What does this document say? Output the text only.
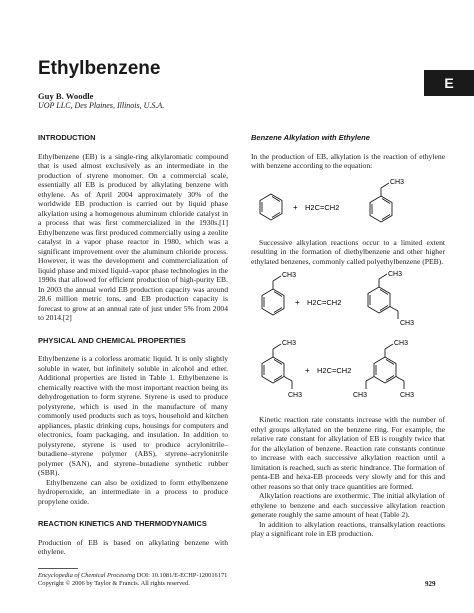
Ethylbenzene
E
Guy B. Woodle
UOP LLC, Des Plaines, Illinois, U.S.A.
INTRODUCTION

Ethylbenzene (EB) is a single-ring alkylaromatic compound that is used almost exclusively as an intermediate in the production of styrene monomer. On a commercial scale, essentially all EB is produced by alkylating benzene with ethylene. As of April 2004 approximately 30% of the worldwide EB production is carried out by liquid phase alkylation using a homogenous aluminum chloride catalyst in a process that was first commercialized in the 1930s.[1] Ethylbenzene was first produced commercially using a zeolite catalyst in a vapor phase reactor in 1980, which was a significant improvement over the aluminum chloride process. However, it was the development and commercialization of liquid phase and mixed liquid–vapor phase technologies in the 1990s that allowed for efficient production of high-purity EB. In 2003 the annual world EB production capacity was around 28.6 million metric tons, and EB production capacity is forecast to grow at an annual rate of just under 5% from 2004 to 2014.[2]

PHYSICAL AND CHEMICAL PROPERTIES

Ethylbenzene is a colorless aromatic liquid. It is only slightly soluble in water, but infinitely soluble in alcohol and ether. Additional properties are listed in Table 1. Ethylbenzene is chemically reactive with the most important reaction being its dehydrogenation to form styrene. Styrene is used to produce polystyrene, which is used in the manufacture of many commonly used products such as toys, household and kitchen appliances, plastic drinking cups, housings for computers and electronics, foam packaging, and insulation. In addition to polystyrene, styrene is used to produce acrylonitrile–butadiene–styrene polymer (ABS), styrene–acrylonitrile polymer (SAN), and styrene–butadiene synthetic rubber (SBR).

Ethylbenzene can also be oxidized to form ethylbenzene hydroperoxide, an intermediate in a process to produce propylene oxide.

REACTION KINETICS AND THERMODYNAMICS

Production of EB is based on alkylating benzene with ethylene.

Benzene Alkylation with Ethylene

In the production of EB, alkylation is the reaction of ethylene with benzene according to the equation:

+ H2C=CH2
CH3

Successive alkylation reactions occur to a limited extent resulting in the formation of diethylbenzene and other higher ethylated benzenes, commonly called polyethylbenzene (PEB).

CH3
+ H2C=CH2
CH3
CH3
CH3
CH3
+ H2C=CH2
CH3
CH3
CH3

Kinetic reaction rate constants increase with the number of ethyl groups alkylated on the benzene ring. For example, the relative rate constant for alkylation of EB is roughly twice that for the alkylation of benzene. Reaction rate constants continue to increase with each successive alkylation reaction until a limitation is reached, such as steric hindrance. The formation of penta-EB and hexa-EB proceeds very slowly and for this and other reasons so that only trace quantities are formed.

Alkylation reactions are exothermic. The initial alkylation of ethylene to benzene and each successive alkylation reaction generate roughly the same amount of heat (Table 2).

In addition to alkylation reactions, transalkylation reactions play a significant role in EB production.

Encyclopedia of Chemical Processing DOI: 10.1081/E-ECHP-120016171
Copyright © 2006 by Taylor & Francis. All rights reserved.	929
